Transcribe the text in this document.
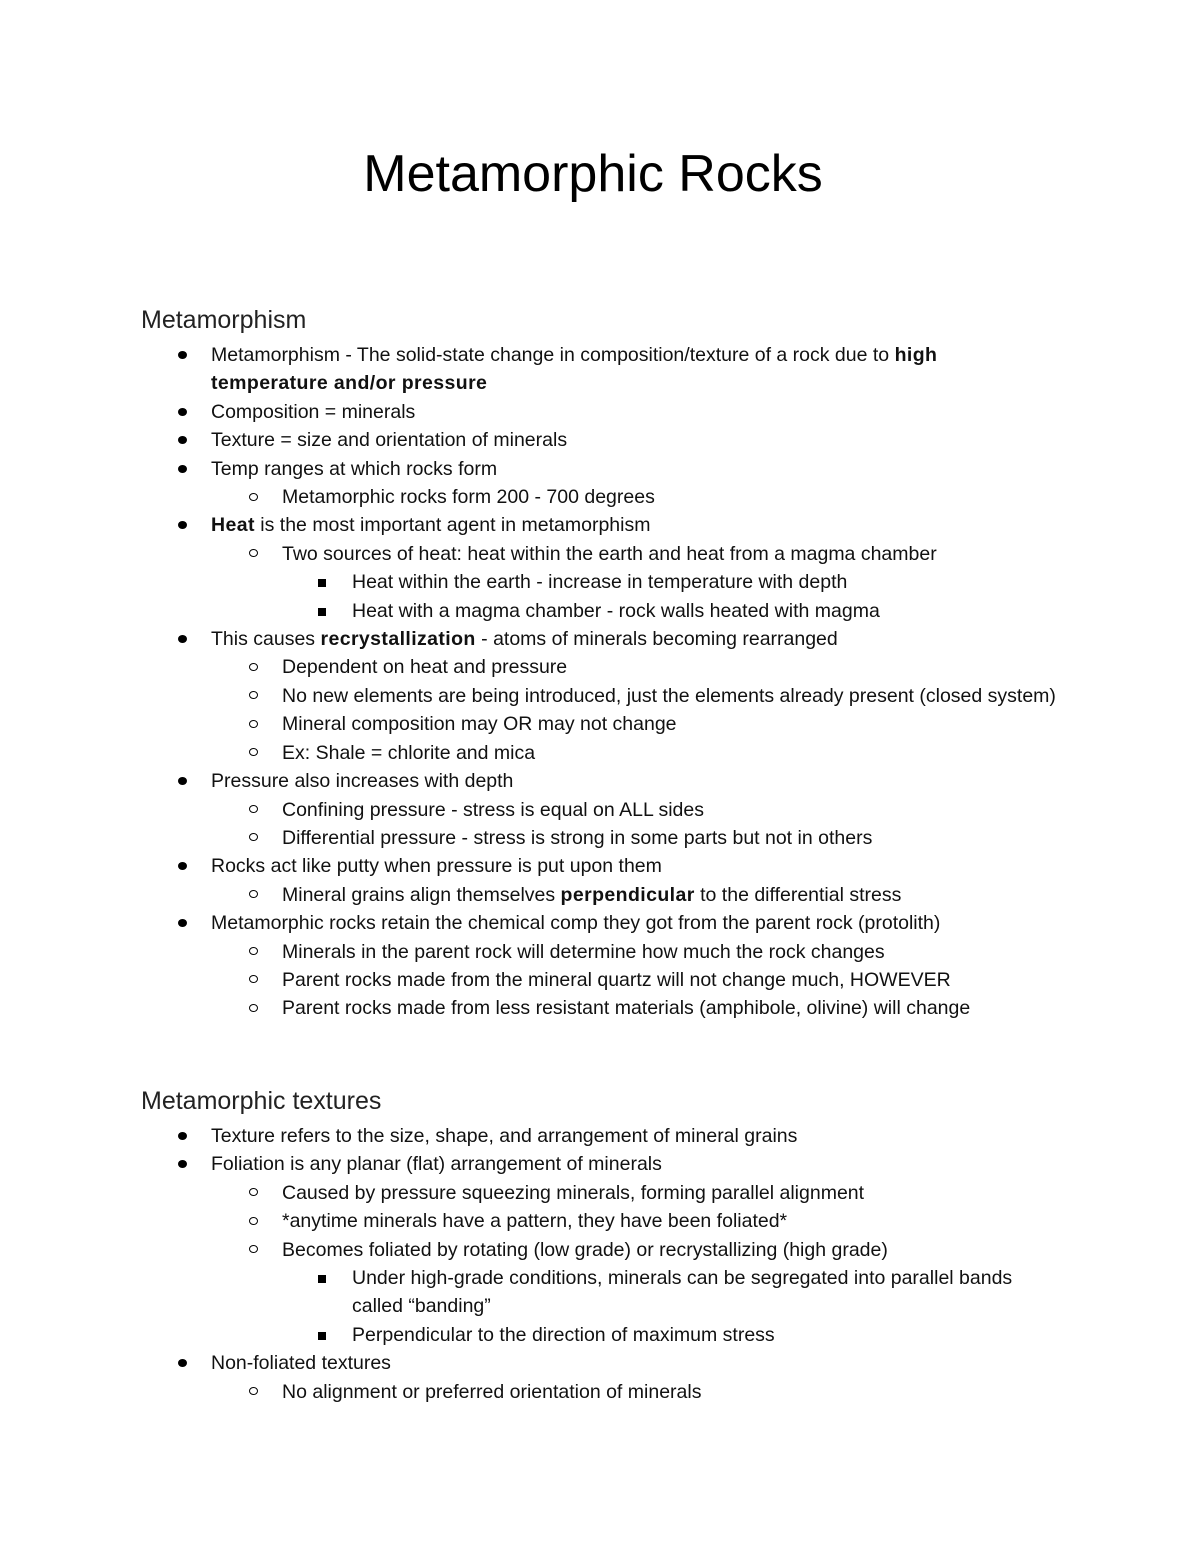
Metamorphic Rocks
Metamorphism
Metamorphism - The solid-state change in composition/texture of a rock due to high temperature and/or pressure
Composition = minerals
Texture = size and orientation of minerals
Temp ranges at which rocks form
Metamorphic rocks form 200 - 700 degrees
Heat is the most important agent in metamorphism
Two sources of heat: heat within the earth and heat from a magma chamber
Heat within the earth - increase in temperature with depth
Heat with a magma chamber - rock walls heated with magma
This causes recrystallization - atoms of minerals becoming rearranged
Dependent on heat and pressure
No new elements are being introduced, just the elements already present (closed system)
Mineral composition may OR may not change
Ex: Shale = chlorite and mica
Pressure also increases with depth
Confining pressure - stress is equal on ALL sides
Differential pressure - stress is strong in some parts but not in others
Rocks act like putty when pressure is put upon them
Mineral grains align themselves perpendicular to the differential stress
Metamorphic rocks retain the chemical comp they got from the parent rock (protolith)
Minerals in the parent rock will determine how much the rock changes
Parent rocks made from the mineral quartz will not change much, HOWEVER
Parent rocks made from less resistant materials (amphibole, olivine) will change
Metamorphic textures
Texture refers to the size, shape, and arrangement of mineral grains
Foliation is any planar (flat) arrangement of minerals
Caused by pressure squeezing minerals, forming parallel alignment
*anytime minerals have a pattern, they have been foliated*
Becomes foliated by rotating (low grade) or recrystallizing (high grade)
Under high-grade conditions, minerals can be segregated into parallel bands called “banding”
Perpendicular to the direction of maximum stress
Non-foliated textures
No alignment or preferred orientation of minerals
